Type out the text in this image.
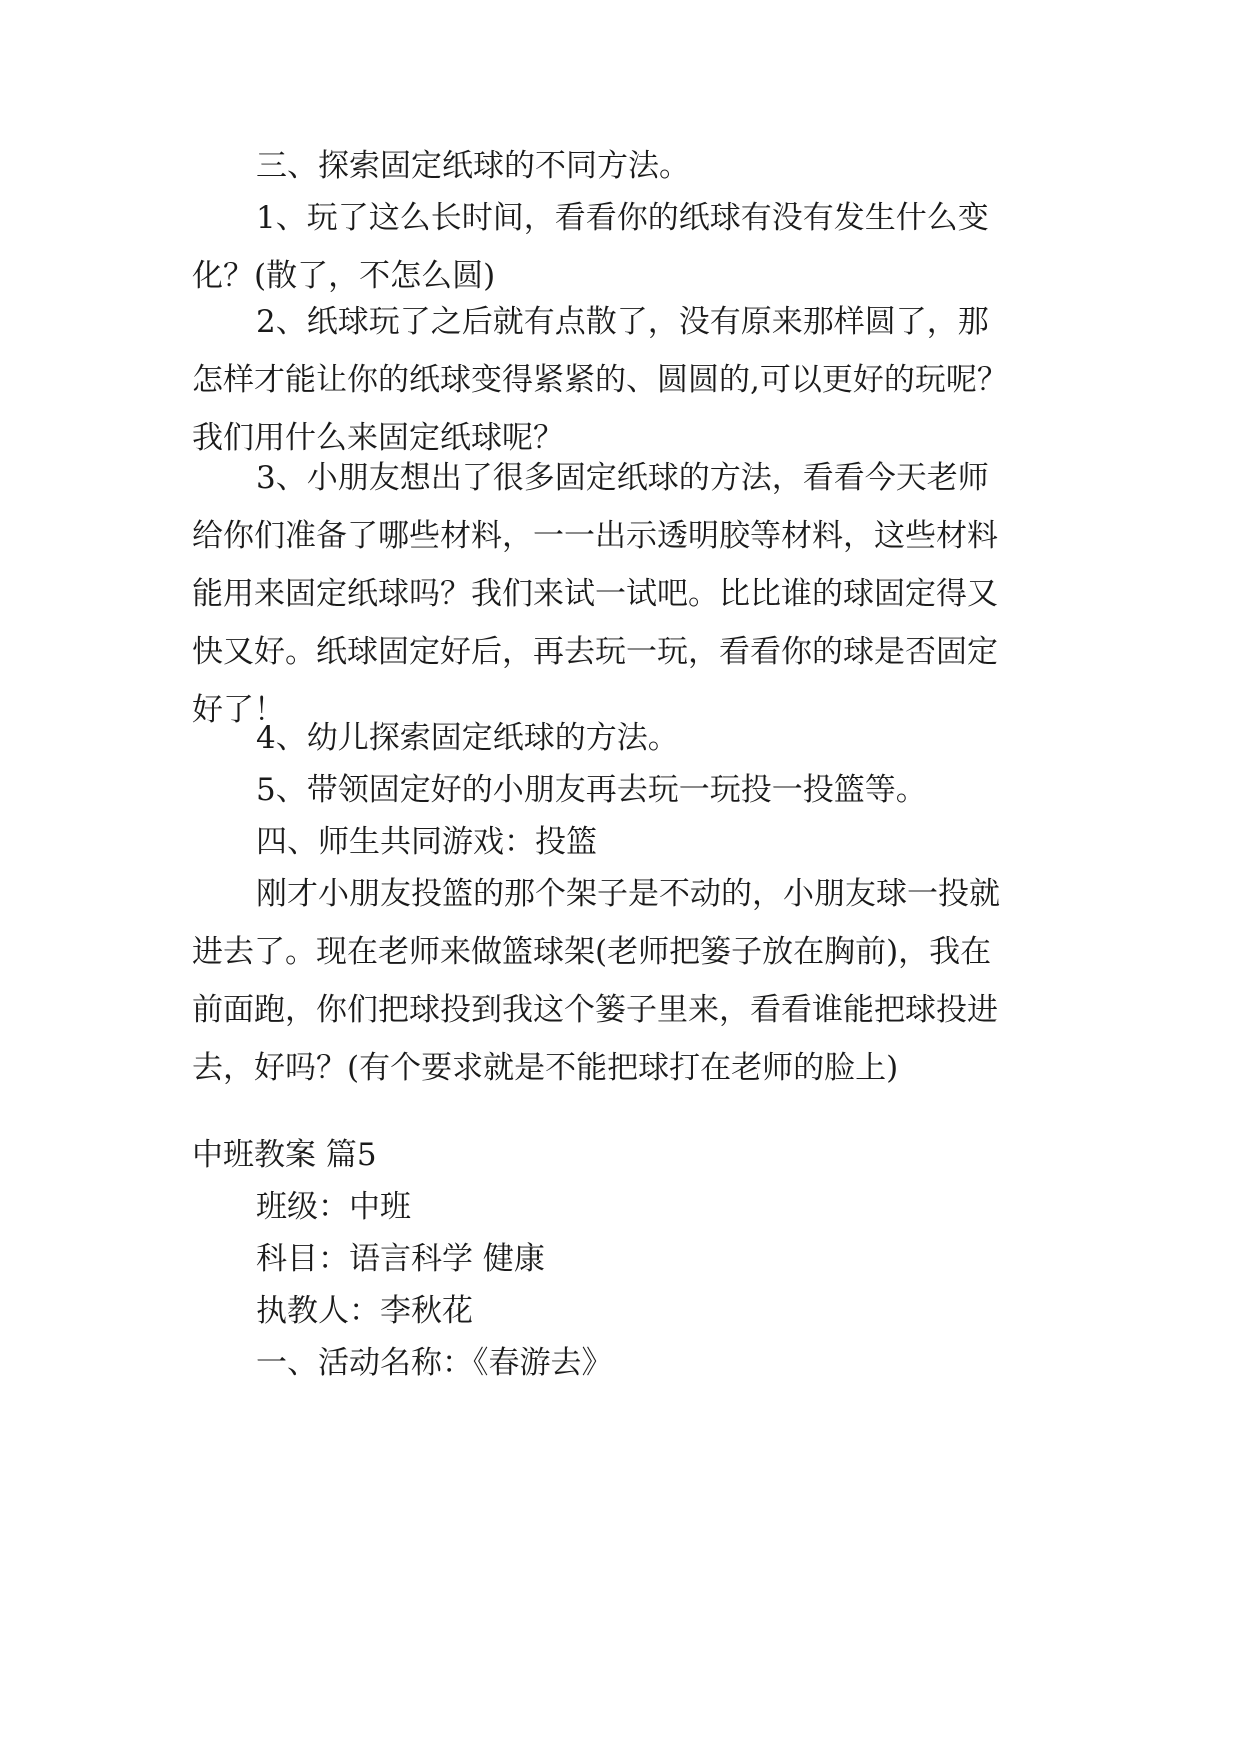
三、探索固定纸球的不同方法。

1、玩了这么长时间，看看你的纸球有没有发生什么变
化？(散了，不怎么圆)

2、纸球玩了之后就有点散了，没有原来那样圆了，那
怎样才能让你的纸球变得紧紧的、圆圆的,可以更好的玩呢？
我们用什么来固定纸球呢？

3、小朋友想出了很多固定纸球的方法，看看今天老师
给你们准备了哪些材料，一一出示透明胶等材料，这些材料
能用来固定纸球吗？我们来试一试吧。比比谁的球固定得又
快又好。纸球固定好后，再去玩一玩，看看你的球是否固定
好了！

4、幼儿探索固定纸球的方法。

5、带领固定好的小朋友再去玩一玩投一投篮等。

四、师生共同游戏：投篮

刚才小朋友投篮的那个架子是不动的，小朋友球一投就
进去了。现在老师来做篮球架(老师把篓子放在胸前)，我在
前面跑，你们把球投到我这个篓子里来，看看谁能把球投进
去，好吗？(有个要求就是不能把球打在老师的脸上)

中班教案 篇5

班级：中班

科目：语言科学 健康

执教人：李秋花

一、活动名称：《春游去》
